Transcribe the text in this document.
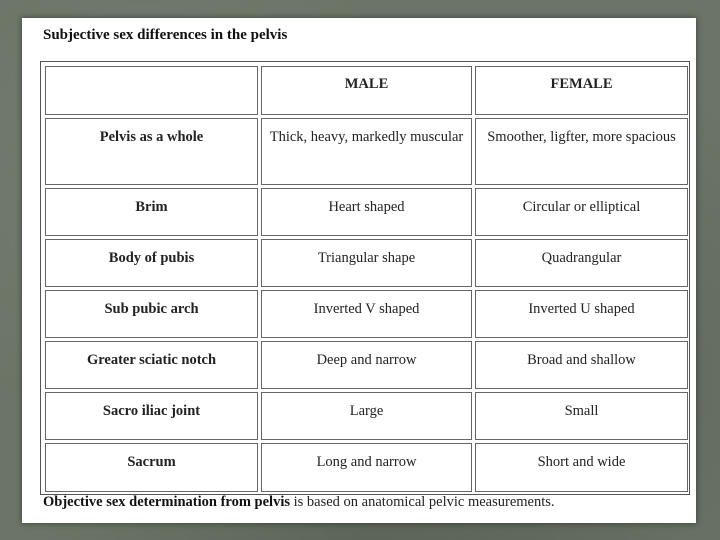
Subjective sex differences in the pelvis
	MALE	FEMALE

Pelvis as a whole	Thick, heavy, markedly muscular	Smoother, ligfter, more spacious

Brim	Heart shaped	Circular or elliptical

Body of pubis	Triangular shape	Quadrangular

Sub pubic arch	Inverted V shaped	Inverted U shaped

Greater sciatic notch	Deep and narrow	Broad and shallow

Sacro iliac joint	Large	Small

Sacrum	Long and narrow	Short and wide
Objective sex determination from pelvis is based on anatomical pelvic measurements.
